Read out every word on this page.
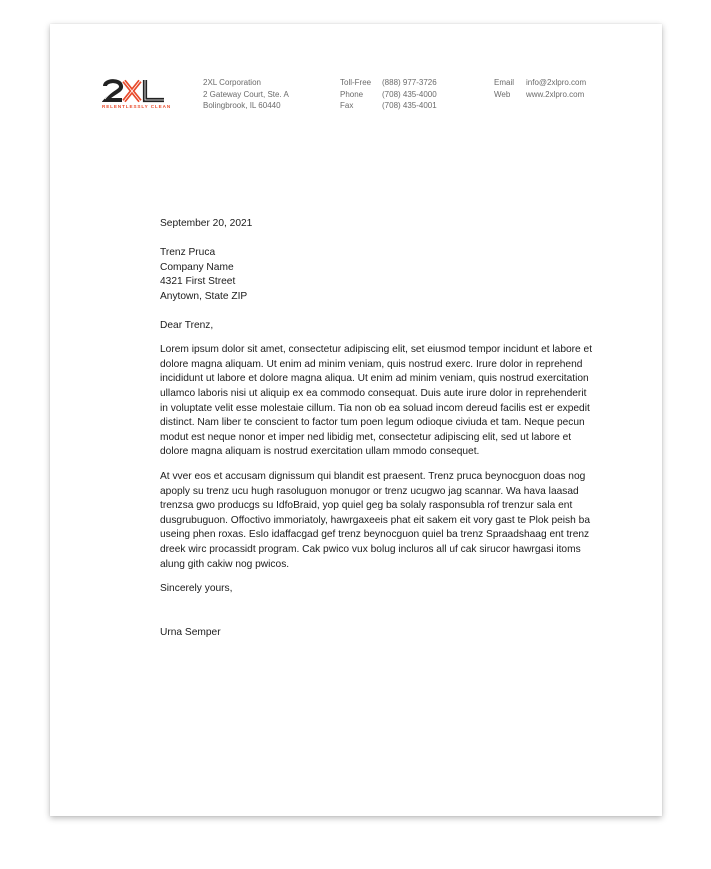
RELENTLESSLY CLEAN
2XL Corporation
2 Gateway Court, Ste. A
Bolingbrook, IL 60440
Toll-Free	(888) 977-3726
Phone	(708) 435-4000
Fax	(708) 435-4001
Email	info@2xlpro.com
Web	www.2xlpro.com

September 20, 2021

Trenz Pruca

Company Name

4321 First Street

Anytown, State ZIP

Dear Trenz,

Lorem ipsum dolor sit amet, consectetur adipiscing elit, set eiusmod tempor incidunt et labore et dolore magna aliquam. Ut enim ad minim veniam, quis nostrud exerc. Irure dolor in reprehend incididunt ut labore et dolore magna aliqua. Ut enim ad minim veniam, quis nostrud exercitation ullamco laboris nisi ut aliquip ex ea commodo consequat. Duis aute irure dolor in reprehenderit in voluptate velit esse molestaie cillum. Tia non ob ea soluad incom dereud facilis est er expedit distinct. Nam liber te conscient to factor tum poen legum odioque civiuda et tam. Neque pecun modut est neque nonor et imper ned libidig met, consectetur adipiscing elit, sed ut labore et dolore magna aliquam is nostrud exercitation ullam mmodo consequet.

At vver eos et accusam dignissum qui blandit est praesent. Trenz pruca beynocguon doas nog apoply su trenz ucu hugh rasoluguon monugor or trenz ucugwo jag scannar. Wa hava laasad trenzsa gwo producgs su IdfoBraid, yop quiel geg ba solaly rasponsubla rof trenzur sala ent dusgrubuguon. Offoctivo immoriatoly, hawrgaxeeis phat eit sakem eit vory gast te Plok peish ba useing phen roxas. Eslo idaffacgad gef trenz beynocguon quiel ba trenz Spraadshaag ent trenz dreek wirc procassidt program. Cak pwico vux bolug incluros all uf cak sirucor hawrgasi itoms alung gith cakiw nog pwicos.

Sincerely yours,

Urna Semper
